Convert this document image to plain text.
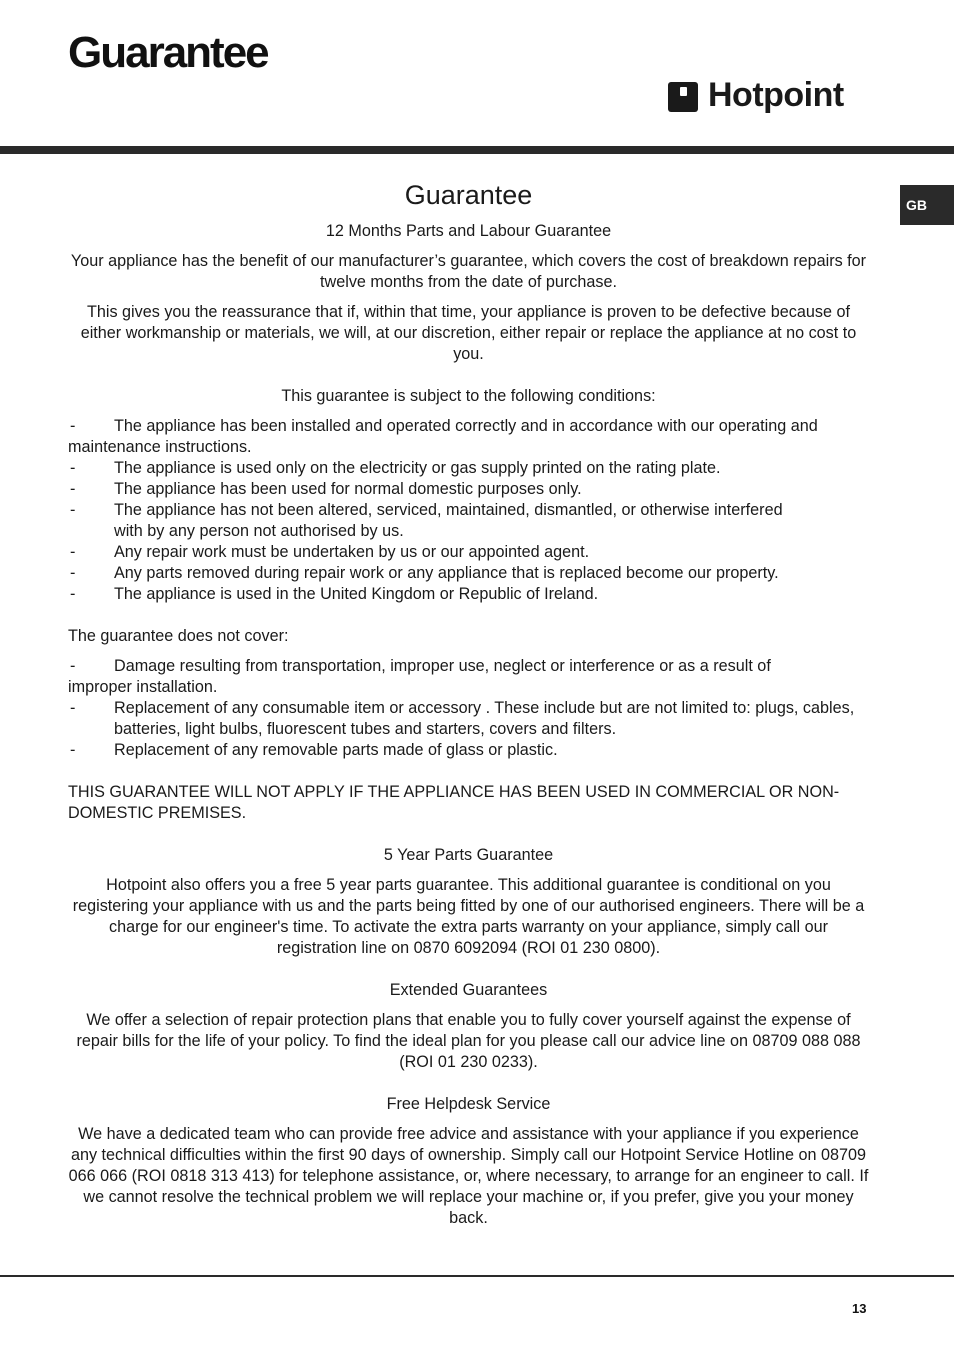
Guarantee
Hotpoint
GB
Guarantee

12 Months Parts and Labour Guarantee

Your appliance has the benefit of our manufacturer’s guarantee, which covers the cost of breakdown repairs for twelve months from the date of purchase.

This gives you the reassurance that if, within that time, your appliance is proven to be defective because of either workmanship or materials, we will, at our discretion, either repair or replace the appliance at no cost to you.

This guarantee is subject to the following conditions:

- The appliance has been installed and operated correctly and in accordance with our operating and maintenance instructions.
- The appliance is used only on the electricity or gas supply printed on the rating plate.
- The appliance has been used for normal domestic purposes only.
- The appliance has not been altered, serviced, maintained, dismantled, or otherwise interfered with by any person not authorised by us.
- Any repair work must be undertaken by us or our appointed agent.
- Any parts removed during repair work or any appliance that is replaced become our property.
- The appliance is used in the United Kingdom or Republic of Ireland.

The guarantee does not cover:

- Damage resulting from transportation, improper use, neglect or interference or as a result of improper installation.
- Replacement of any consumable item or accessory . These include but are not limited to: plugs, cables, batteries, light bulbs, fluorescent tubes and starters, covers and filters.
- Replacement of any removable parts made of glass or plastic.

THIS GUARANTEE WILL NOT APPLY IF THE APPLIANCE HAS BEEN USED IN COMMERCIAL OR NON-DOMESTIC PREMISES.

5 Year Parts Guarantee

Hotpoint also offers you a free 5 year parts guarantee. This additional guarantee is conditional on you registering your appliance with us and the parts being fitted by one of our authorised engineers. There will be a charge for our engineer's time. To activate the extra parts warranty on your appliance, simply call our registration line on 0870 6092094 (ROI 01 230 0800).

Extended Guarantees

We offer a selection of repair protection plans that enable you to fully cover yourself against the expense of repair bills for the life of your policy. To find the ideal plan for you please call our advice line on 08709 088 088 (ROI 01 230 0233).

Free Helpdesk Service

We have a dedicated team who can provide free advice and assistance with your appliance if you experience any technical difficulties within the first 90 days of ownership. Simply call our Hotpoint Service Hotline on 08709 066 066 (ROI 0818 313 413) for telephone assistance, or, where necessary, to arrange for an engineer to call. If we cannot resolve the technical problem we will replace your machine or, if you prefer, give you your money back.

13
